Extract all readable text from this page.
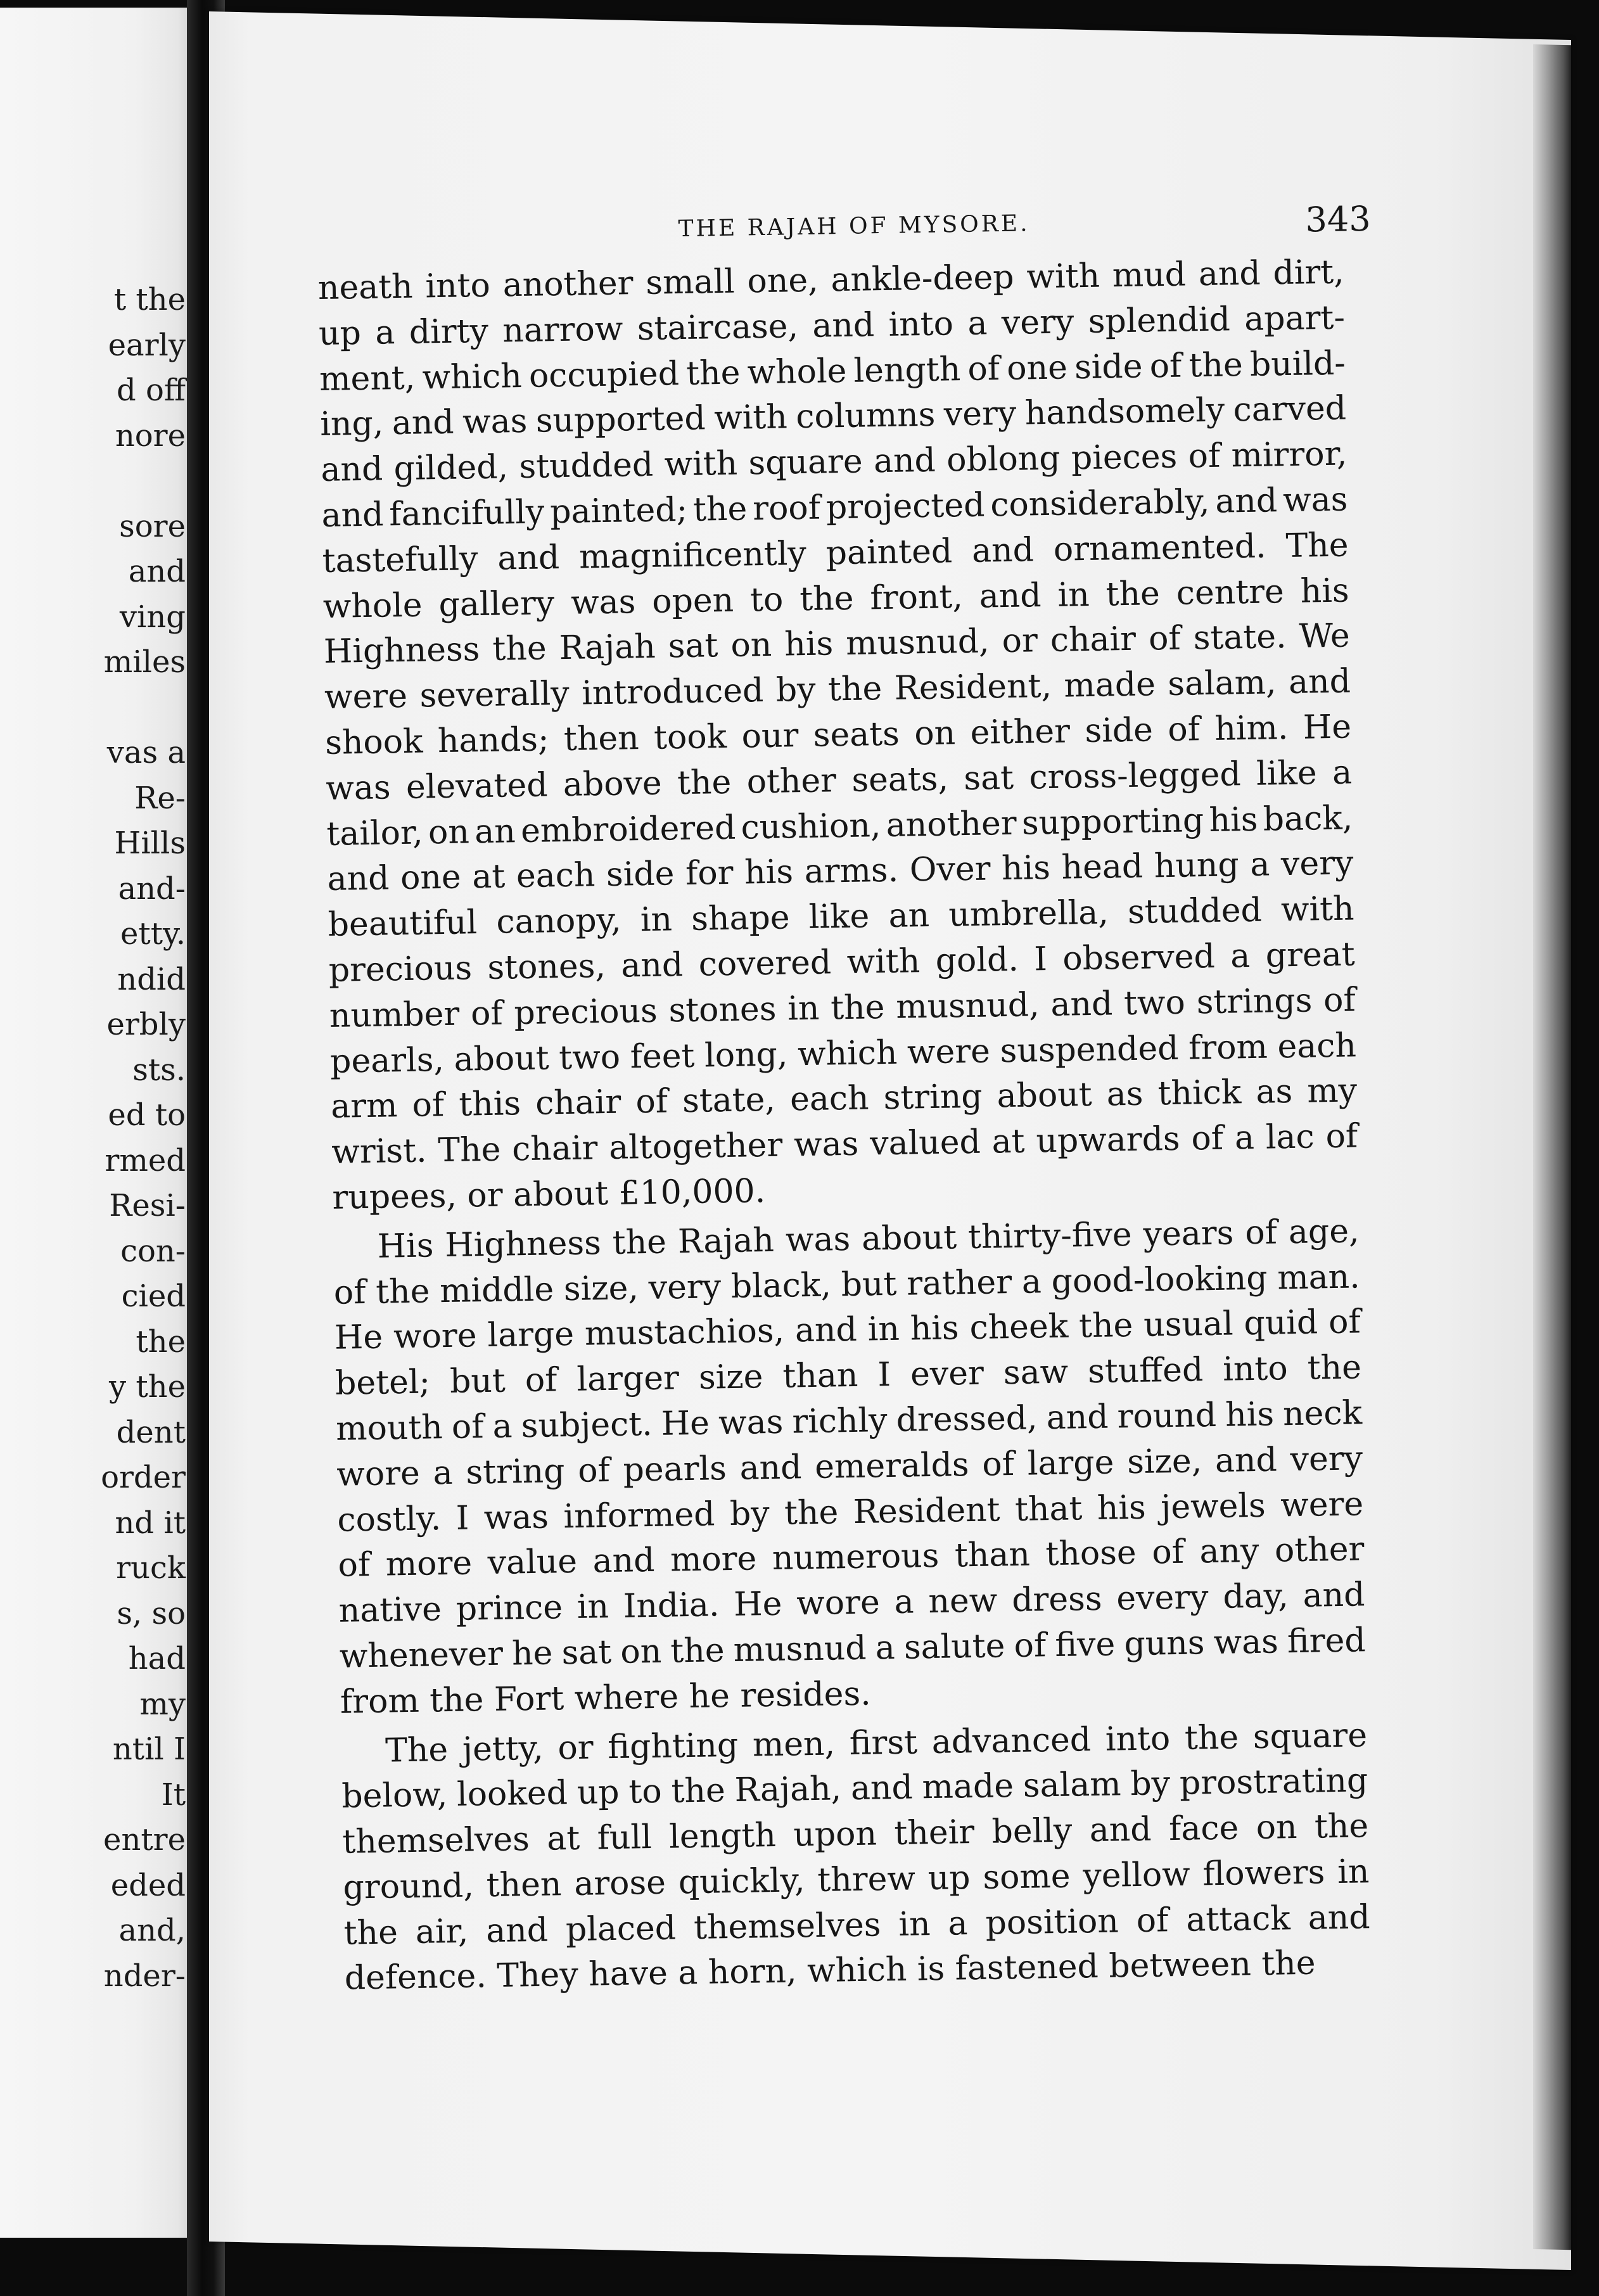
t the
early
d off
nore
sore
and
ving
miles
vas a
Re-
Hills
and-
etty.
ndid
erbly
sts.
ed to
rmed
Resi-
con-
cied
the
y the
dent
order
nd it
ruck
s, so
had
my
ntil I
It
entre
eded
and,
nder-
THE RAJAH OF MYSORE.	343
neath into another small one, ankle-deep with mud and dirt,
up a dirty narrow staircase, and into a very splendid apart-
ment, which occupied the whole length of one side of the build-
ing, and was supported with columns very handsomely carved
and gilded, studded with square and oblong pieces of mirror,
and fancifully painted; the roof projected considerably, and was
tastefully and magnificently painted and ornamented. The
whole gallery was open to the front, and in the centre his
Highness the Rajah sat on his musnud, or chair of state. We
were severally introduced by the Resident, made salam, and
shook hands; then took our seats on either side of him. He
was elevated above the other seats, sat cross-legged like a
tailor, on an embroidered cushion, another supporting his back,
and one at each side for his arms. Over his head hung a very
beautiful canopy, in shape like an umbrella, studded with
precious stones, and covered with gold. I observed a great
number of precious stones in the musnud, and two strings of
pearls, about two feet long, which were suspended from each
arm of this chair of state, each string about as thick as my
wrist. The chair altogether was valued at upwards of a lac of
rupees, or about £10,000.
His Highness the Rajah was about thirty-five years of age,
of the middle size, very black, but rather a good-looking man.
He wore large mustachios, and in his cheek the usual quid of
betel; but of larger size than I ever saw stuffed into the
mouth of a subject. He was richly dressed, and round his neck
wore a string of pearls and emeralds of large size, and very
costly. I was informed by the Resident that his jewels were
of more value and more numerous than those of any other
native prince in India. He wore a new dress every day, and
whenever he sat on the musnud a salute of five guns was fired
from the Fort where he resides.
The jetty, or fighting men, first advanced into the square
below, looked up to the Rajah, and made salam by prostrating
themselves at full length upon their belly and face on the
ground, then arose quickly, threw up some yellow flowers in
the air, and placed themselves in a position of attack and
defence. They have a horn, which is fastened between the
